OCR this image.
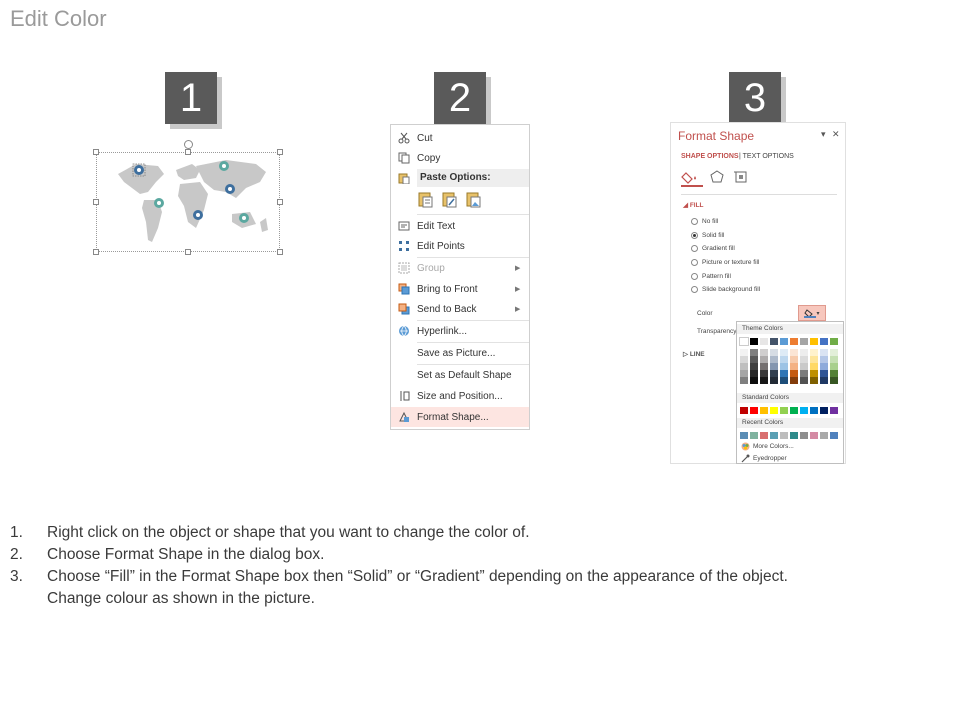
Edit Color
1	2	3
Cut
Copy
Paste Options:
Edit Text
Edit Points
Group	▶
Bring to Front	▶
Send to Back	▶
Hyperlink...
Save as Picture...
Set as Default Shape
Size and Position...
Format Shape...
Format Shape	▾ ✕
SHAPE OPTIONS | TEXT OPTIONS
◢ FILL
No fill
Solid fill
Gradient fill
Picture or texture fill
Pattern fill
Slide background fill
Color	▾
Transparency
▷ LINE
Theme Colors
Standard Colors
Recent Colors
More Colors...
Eyedropper
1.	Right click on the object or shape that you want to change the color of.
2.	Choose Format Shape in the dialog box.
3.	Choose “Fill” in the Format Shape box then “Solid” or “Gradient” depending on the appearance of the object.
Change colour as shown in the picture.
